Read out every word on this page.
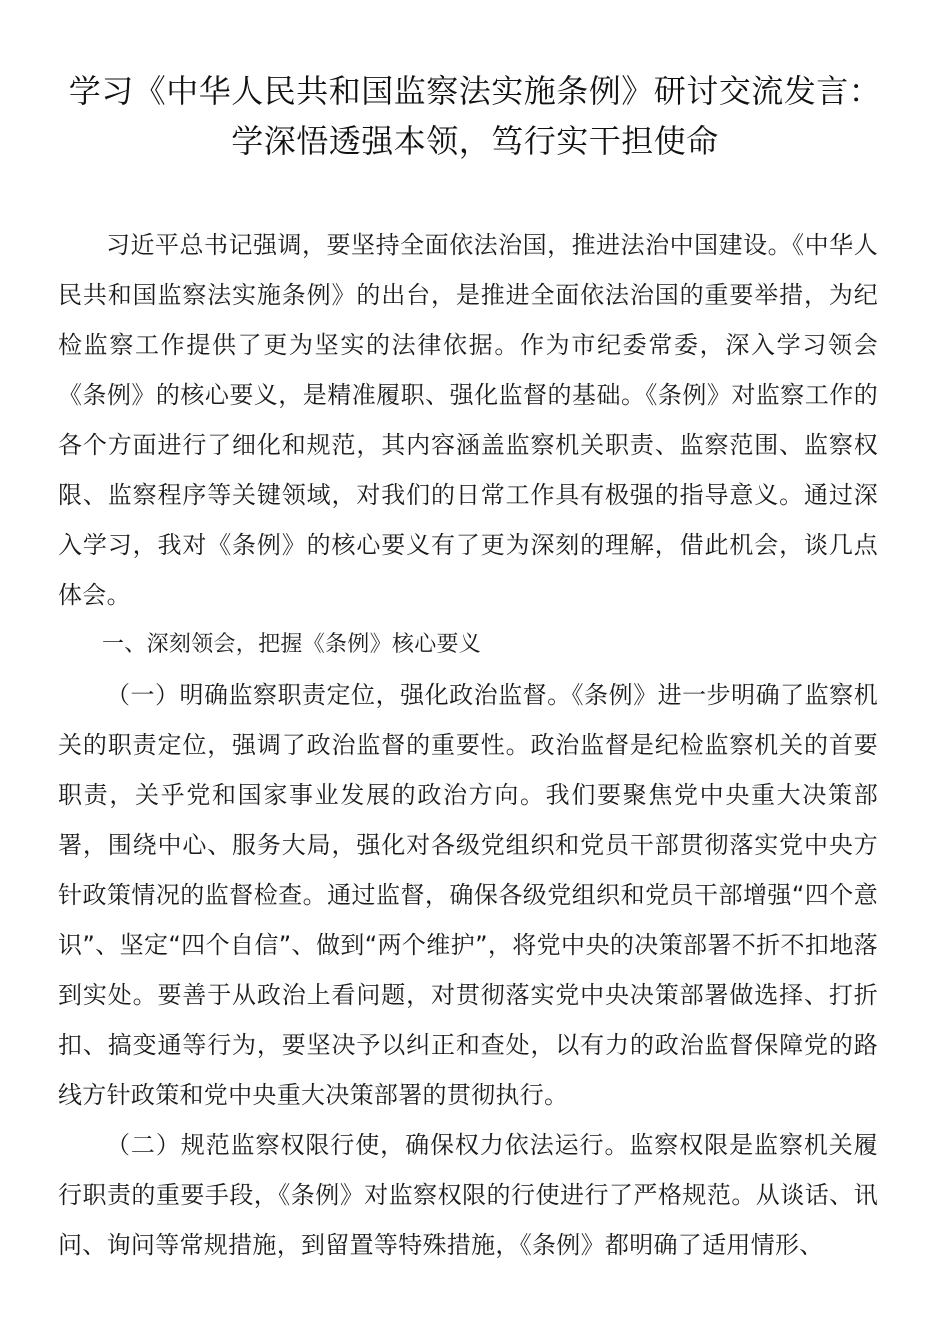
学习《中华人民共和国监察法实施条例》研讨交流发言：学深悟透强本领，笃行实干担使命

习近平总书记强调，要坚持全面依法治国，推进法治中国建设。《中华人民共和国监察法实施条例》的出台，是推进全面依法治国的重要举措，为纪检监察工作提供了更为坚实的法律依据。作为市纪委常委，深入学习领会《条例》的核心要义，是精准履职、强化监督的基础。《条例》对监察工作的各个方面进行了细化和规范，其内容涵盖监察机关职责、监察范围、监察权限、监察程序等关键领域，对我们的日常工作具有极强的指导意义。通过深入学习，我对《条例》的核心要义有了更为深刻的理解，借此机会，谈几点体会。

一、深刻领会，把握《条例》核心要义

（一）明确监察职责定位，强化政治监督。《条例》进一步明确了监察机关的职责定位，强调了政治监督的重要性。政治监督是纪检监察机关的首要职责，关乎党和国家事业发展的政治方向。我们要聚焦党中央重大决策部署，围绕中心、服务大局，强化对各级党组织和党员干部贯彻落实党中央方针政策情况的监督检查。通过监督，确保各级党组织和党员干部增强“四个意识”、坚定“四个自信”、做到“两个维护”，将党中央的决策部署不折不扣地落到实处。要善于从政治上看问题，对贯彻落实党中央决策部署做选择、打折扣、搞变通等行为，要坚决予以纠正和查处，以有力的政治监督保障党的路线方针政策和党中央重大决策部署的贯彻执行。

（二）规范监察权限行使，确保权力依法运行。监察权限是监察机关履行职责的重要手段，《条例》对监察权限的行使进行了严格规范。从谈话、讯问、询问等常规措施，到留置等特殊措施，《条例》都明确了适用情形、
